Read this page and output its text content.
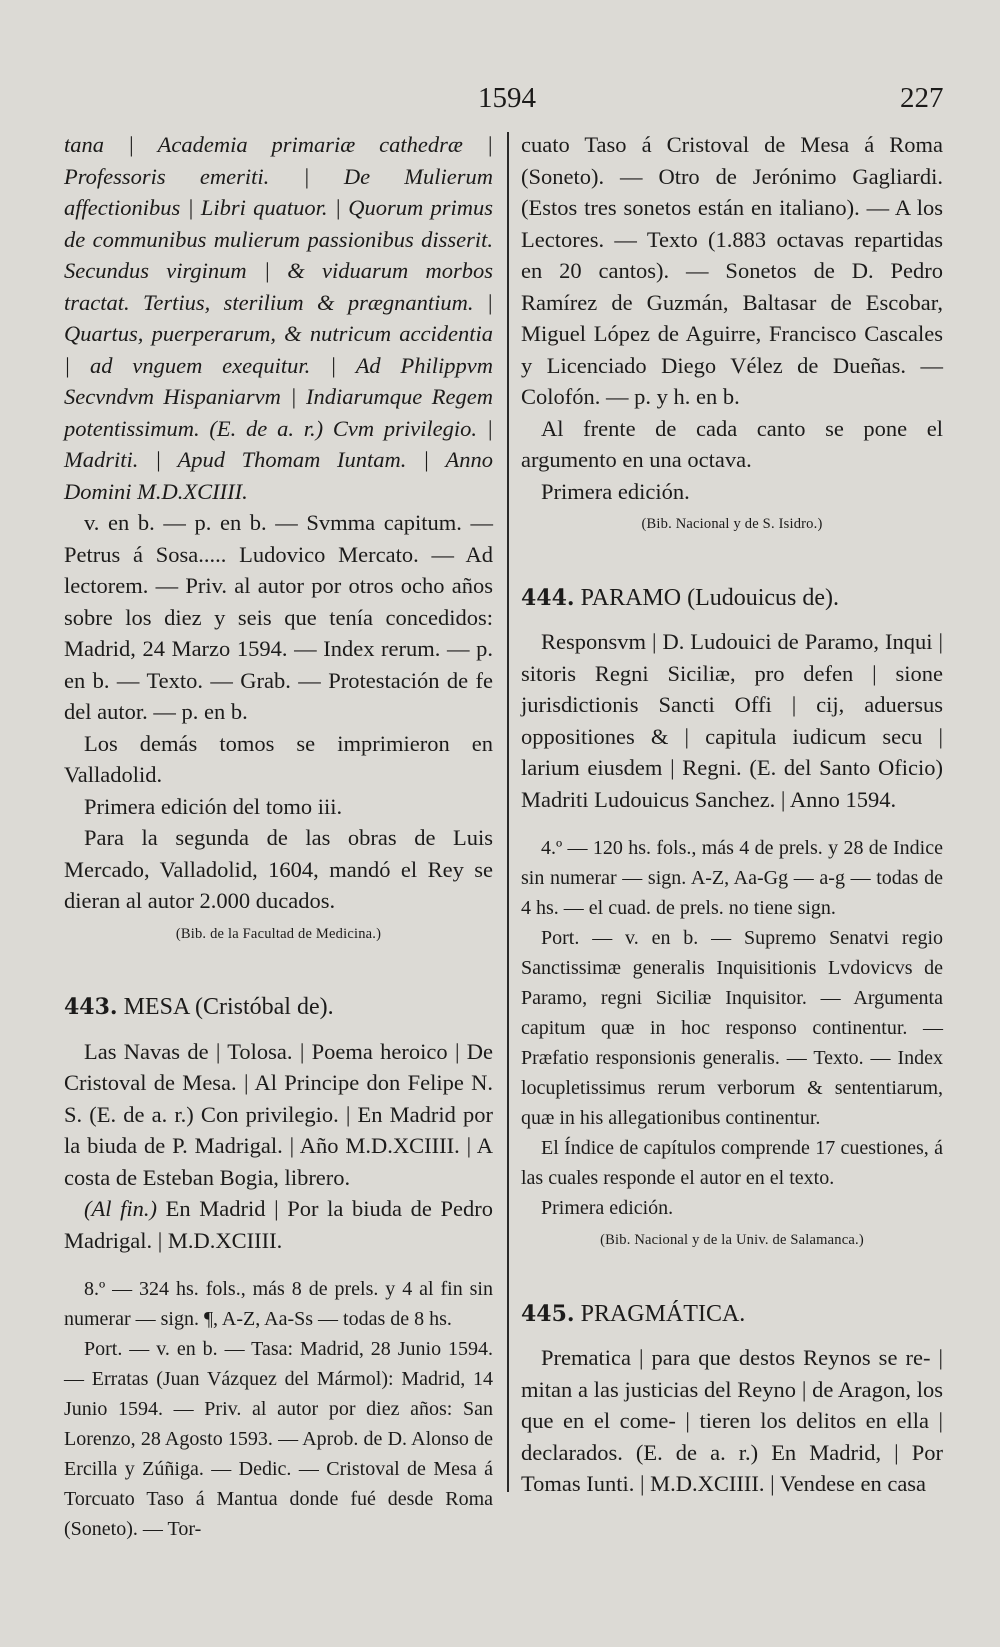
1594	227

tana | Academia primariæ cathedræ | Professoris emeriti. | De Mulierum affectionibus | Libri quatuor. | Quorum primus de communibus mulierum passionibus disserit. Secundus virginum | & viduarum morbos tractat. Tertius, sterilium & prægnantium. | Quartus, puerperarum, & nutricum accidentia | ad vnguem exequitur. | Ad Philippvm Secvndvm Hispaniarvm | Indiarumque Regem potentissimum. (E. de a. r.) Cvm privilegio. | Madriti. | Apud Thomam Iuntam. | Anno Domini M.D.XCIIII.

v. en b. — p. en b. — Svmma capitum. — Petrus á Sosa..... Ludovico Mercato. — Ad lectorem. — Priv. al autor por otros ocho años sobre los diez y seis que tenía concedidos: Madrid, 24 Marzo 1594. — Index rerum. — p. en b. — Texto. — Grab. — Protestación de fe del autor. — p. en b.

Los demás tomos se imprimieron en Valladolid.

Primera edición del tomo iii.

Para la segunda de las obras de Luis Mercado, Valladolid, 1604, mandó el Rey se dieran al autor 2.000 ducados.

(Bib. de la Facultad de Medicina.)

443. MESA (Cristóbal de).

Las Navas de | Tolosa. | Poema heroico | De Cristoval de Mesa. | Al Principe don Felipe N. S. (E. de a. r.) Con privilegio. | En Madrid por la biuda de P. Madrigal. | Año M.D.XCIIII. | A costa de Esteban Bogia, librero.

(Al fin.) En Madrid | Por la biuda de Pedro Madrigal. | M.D.XCIIII.

8.º — 324 hs. fols., más 8 de prels. y 4 al fin sin numerar — sign. ¶, A-Z, Aa-Ss — todas de 8 hs.

Port. — v. en b. — Tasa: Madrid, 28 Junio 1594. — Erratas (Juan Vázquez del Mármol): Madrid, 14 Junio 1594. — Priv. al autor por diez años: San Lorenzo, 28 Agosto 1593. — Aprob. de D. Alonso de Ercilla y Zúñiga. — Dedic. — Cristoval de Mesa á Torcuato Taso á Mantua donde fué desde Roma (Soneto). — Tor-

cuato Taso á Cristoval de Mesa á Roma (Soneto). — Otro de Jerónimo Gagliardi. (Estos tres sonetos están en italiano). — A los Lectores. — Texto (1.883 octavas repartidas en 20 cantos). — Sonetos de D. Pedro Ramírez de Guzmán, Baltasar de Escobar, Miguel López de Aguirre, Francisco Cascales y Licenciado Diego Vélez de Dueñas. — Colofón. — p. y h. en b.

Al frente de cada canto se pone el argumento en una octava.

Primera edición.

(Bib. Nacional y de S. Isidro.)

444. PARAMO (Ludouicus de).

Responsvm | D. Ludouici de Paramo, Inqui | sitoris Regni Siciliæ, pro defen | sione jurisdictionis Sancti Offi | cij, aduersus oppositiones & | capitula iudicum secu | larium eiusdem | Regni. (E. del Santo Oficio) Madriti Ludouicus Sanchez. | Anno 1594.

4.º — 120 hs. fols., más 4 de prels. y 28 de Indice sin numerar — sign. A-Z, Aa-Gg — a-g — todas de 4 hs. — el cuad. de prels. no tiene sign.

Port. — v. en b. — Supremo Senatvi regio Sanctissimæ generalis Inquisitionis Lvdovicvs de Paramo, regni Siciliæ Inquisitor. — Argumenta capitum quæ in hoc responso continentur. — Præfatio responsionis generalis. — Texto. — Index locupletissimus rerum verborum & sententiarum, quæ in his allegationibus continentur.

El Índice de capítulos comprende 17 cuestiones, á las cuales responde el autor en el texto.

Primera edición.

(Bib. Nacional y de la Univ. de Salamanca.)

445. PRAGMÁTICA.

Prematica | para que destos Reynos se re- | mitan a las justicias del Reyno | de Aragon, los que en el come- | tieren los delitos en ella | declarados. (E. de a. r.) En Madrid, | Por Tomas Iunti. | M.D.XCIIII. | Vendese en casa
